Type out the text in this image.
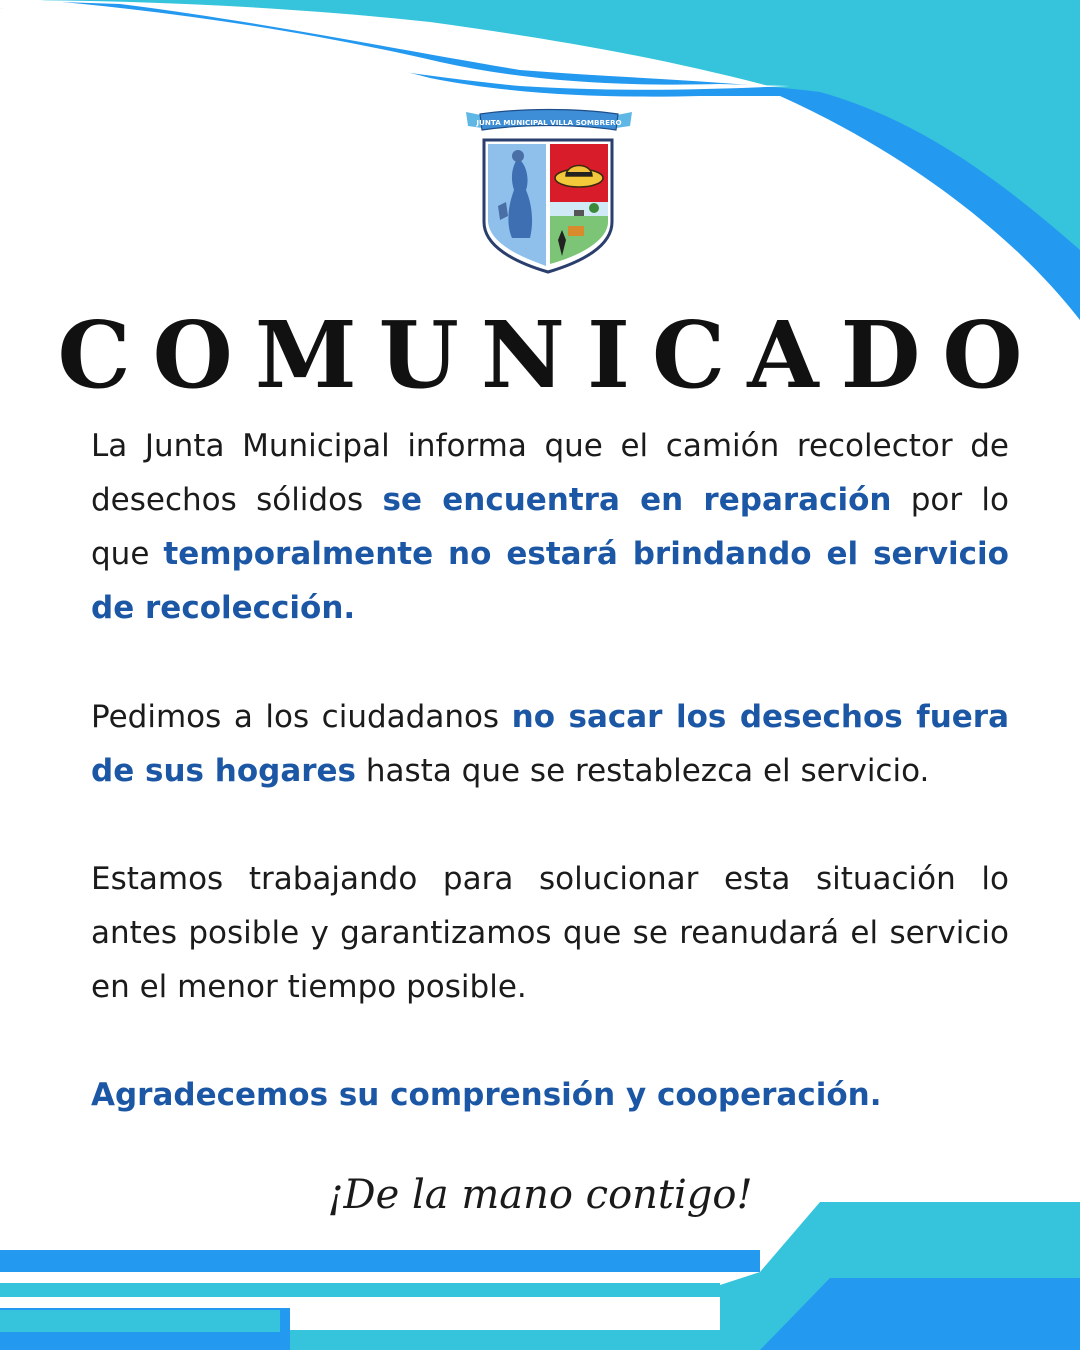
JUNTA MUNICIPAL VILLA SOMBRERO
COMUNICADO

La Junta Municipal informa que el camión recolector de desechos sólidos se encuentra en reparación por lo que temporalmente no estará brindando el servicio de recolección.

Pedimos a los ciudadanos no sacar los desechos fuera de sus hogares hasta que se restablezca el servicio.

Estamos trabajando para solucionar esta situación lo antes posible y garantizamos que se reanudará el servicio en el menor tiempo posible.

Agradecemos su comprensión y cooperación.

¡De la mano contigo!
